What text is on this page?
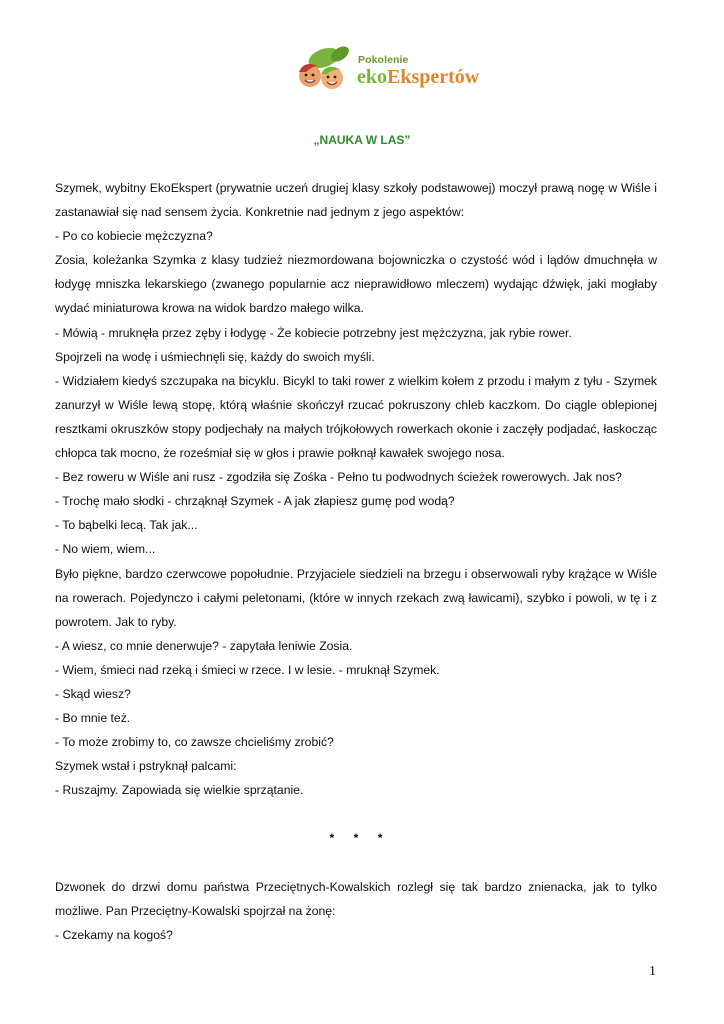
Pokolenie
ekoEkspertów
„NAUKA W LAS”

Szymek, wybitny EkoEkspert (prywatnie uczeń drugiej klasy szkoły podstawowej) moczył prawą nogę w Wiśle i zastanawiał się nad sensem życia. Konkretnie nad jednym z jego aspektów:

- Po co kobiecie mężczyzna?

Zosia, koleżanka Szymka z klasy tudzież niezmordowana bojowniczka o czystość wód i lądów dmuchnęła w łodygę mniszka lekarskiego (zwanego popularnie acz nieprawidłowo mleczem) wydając dźwięk, jaki mogłaby wydać miniaturowa krowa na widok bardzo małego wilka.

- Mówią - mruknęła przez zęby i łodygę - Że kobiecie potrzebny jest mężczyzna, jak rybie rower.

Spojrzeli na wodę i uśmiechnęli się, każdy do swoich myśli.

- Widziałem kiedyś szczupaka na bicyklu. Bicykl to taki rower z wielkim kołem z przodu i małym z tyłu - Szymek zanurzył w Wiśle lewą stopę, którą właśnie skończył rzucać pokruszony chleb kaczkom. Do ciągle oblepionej resztkami okruszków stopy podjechały na małych trójkołowych rowerkach okonie i zaczęły podjadać, łaskocząc chłopca tak mocno, że roześmiał się w głos i prawie połknął kawałek swojego nosa.

- Bez roweru w Wiśle ani rusz - zgodziła się Zośka - Pełno tu podwodnych ścieżek rowerowych. Jak nos?

- Trochę mało słodki - chrząknął Szymek - A jak złapiesz gumę pod wodą?

- To bąbelki lecą. Tak jak...

- No wiem, wiem...

Było piękne, bardzo czerwcowe popołudnie. Przyjaciele siedzieli na brzegu i obserwowali ryby krążące w Wiśle na rowerach. Pojedynczo i całymi peletonami, (które w innych rzekach zwą ławicami), szybko i powoli, w tę i z powrotem. Jak to ryby.

- A wiesz, co mnie denerwuje? - zapytała leniwie Zosia.

- Wiem, śmieci nad rzeką i śmieci w rzece. I w lesie. - mruknął Szymek.

- Skąd wiesz?

- Bo mnie też.

- To może zrobimy to, co zawsze chcieliśmy zrobić?

Szymek wstał i pstryknął palcami:

- Ruszajmy. Zapowiada się wielkie sprzątanie.

* * *

Dzwonek do drzwi domu państwa Przeciętnych-Kowalskich rozległ się tak bardzo znienacka, jak to tylko możliwe. Pan Przeciętny-Kowalski spojrzał na żonę:

- Czekamy na kogoś?

1
